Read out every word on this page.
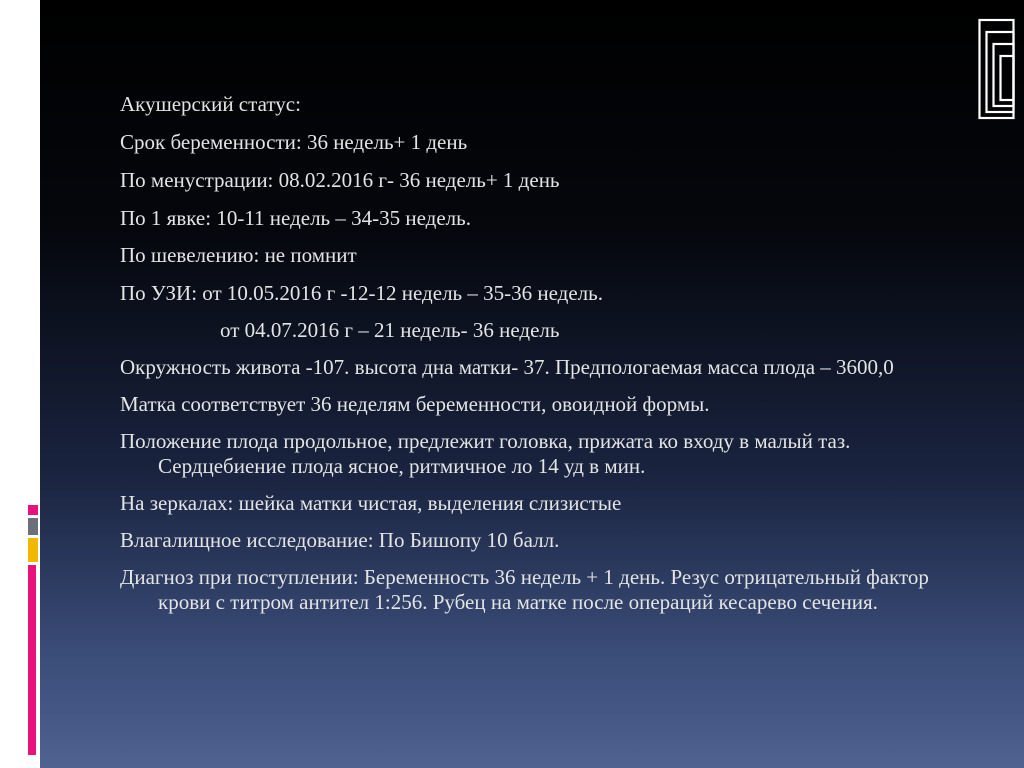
Акушерский статус:

Срок беременности: 36 недель+ 1 день

По менустрации: 08.02.2016 г- 36 недель+ 1 день

По 1 явке: 10-11 недель – 34-35 недель.

По шевелению: не помнит

По УЗИ: от 10.05.2016 г -12-12 недель – 35-36 недель.

от 04.07.2016 г – 21 недель- 36 недель

Окружность живота -107. высота дна матки- 37. Предпологаемая масса плода – 3600,0

Матка соответствует 36 неделям беременности, овоидной формы.

Положение плода продольное, предлежит головка, прижата ко входу в малый таз. Сердцебиение плода ясное, ритмичное ло 14 уд в мин.

На зеркалах: шейка матки чистая, выделения слизистые

Влагалищное исследование: По Бишопу 10 балл.

Диагноз при поступлении: Беременность 36 недель + 1 день. Резус отрицательный фактор крови с титром антител 1:256. Рубец на матке после операций кесарево сечения.
